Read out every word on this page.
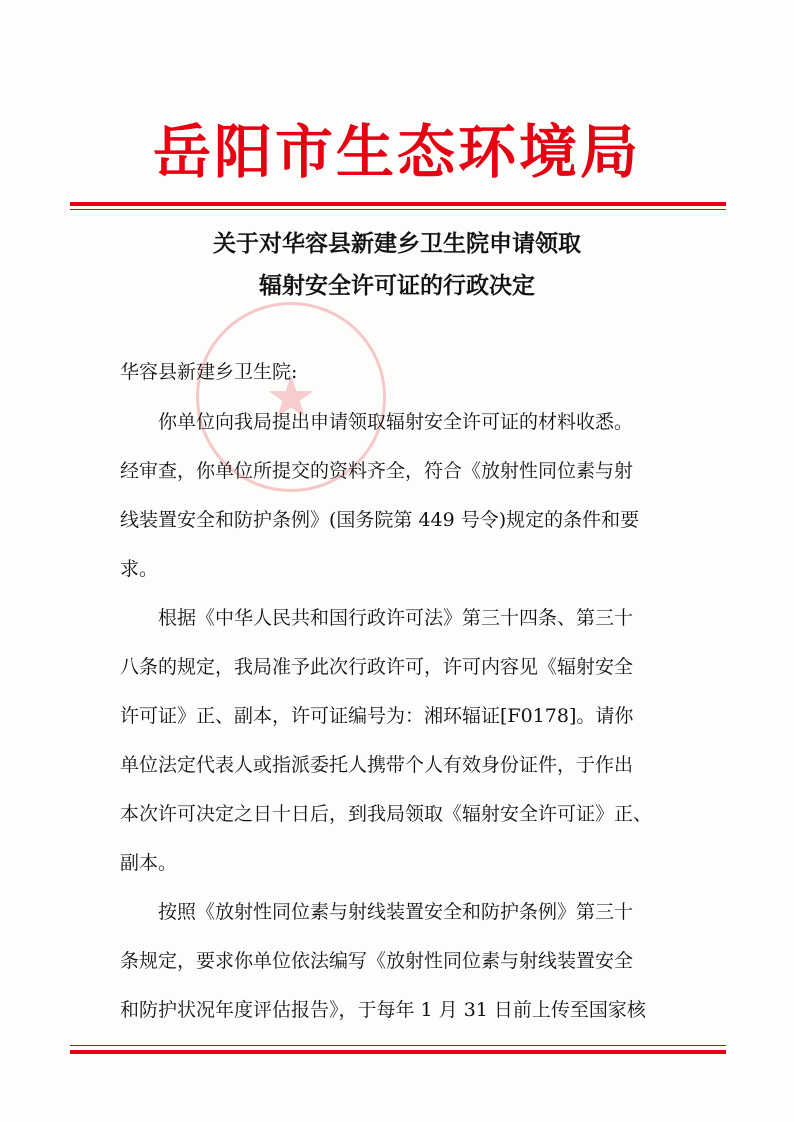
岳阳市生态环境局
关于对华容县新建乡卫生院申请领取
辐射安全许可证的行政决定
★
华容县新建乡卫生院:
　　你单位向我局提出申请领取辐射安全许可证的材料收悉。
经审查，你单位所提交的资料齐全，符合《放射性同位素与射
线装置安全和防护条例》(国务院第 449 号令)规定的条件和要
求。
　　根据《中华人民共和国行政许可法》第三十四条、第三十
八条的规定，我局准予此次行政许可，许可内容见《辐射安全
许可证》正、副本，许可证编号为：湘环辐证[F0178]。请你
单位法定代表人或指派委托人携带个人有效身份证件，于作出
本次许可决定之日十日后，到我局领取《辐射安全许可证》正、
副本。
　　按照《放射性同位素与射线装置安全和防护条例》第三十
条规定，要求你单位依法编写《放射性同位素与射线装置安全
和防护状况年度评估报告》，于每年 1 月 31 日前上传至国家核
